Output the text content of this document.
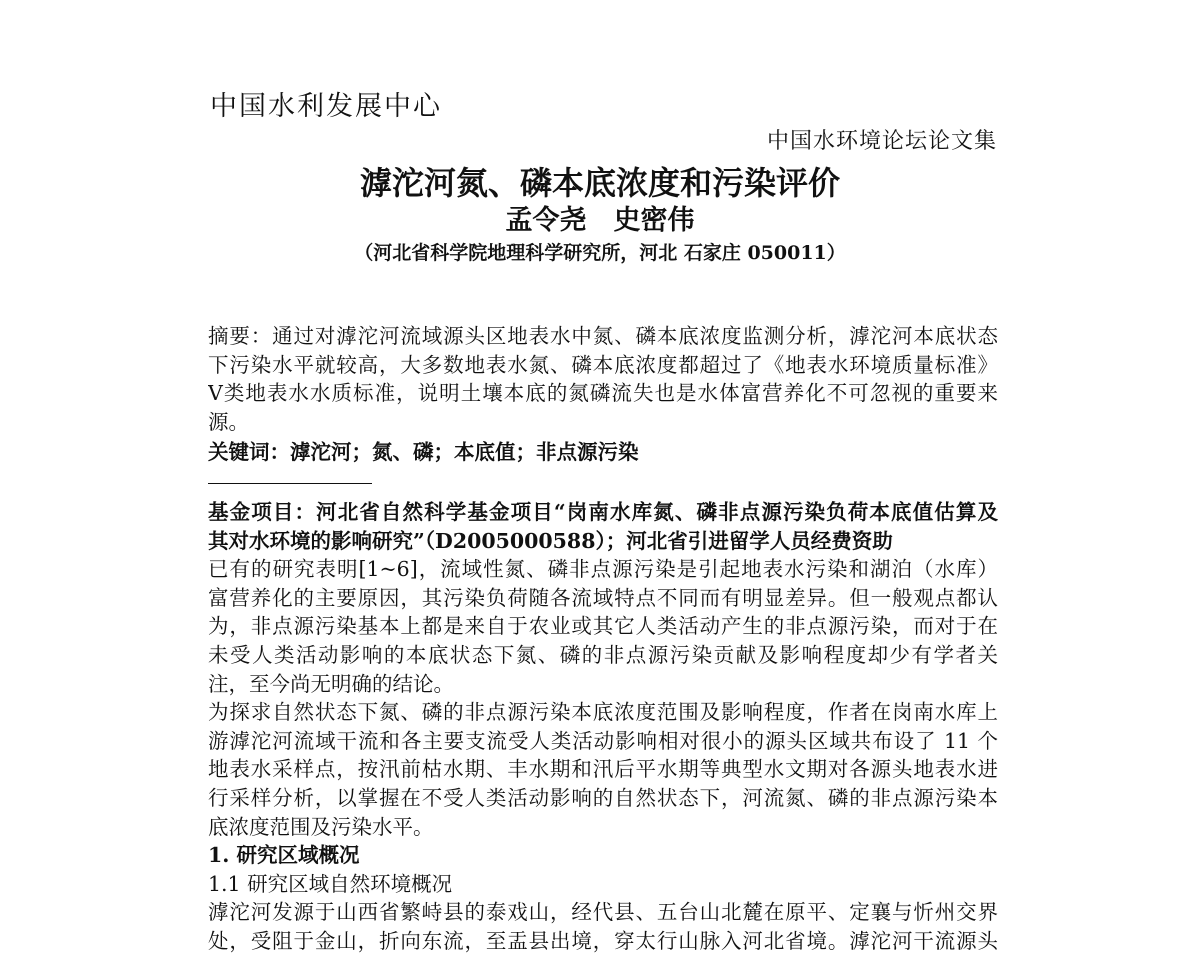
中国水利发展中心
中国水环境论坛论文集
滹沱河氮、磷本底浓度和污染评价
孟令尧　史密伟
（河北省科学院地理科学研究所，河北 石家庄 050011）
摘要：通过对滹沱河流域源头区地表水中氮、磷本底浓度监测分析，滹沱河本底状态
下污染水平就较高，大多数地表水氮、磷本底浓度都超过了《地表水环境质量标准》
Ⅴ类地表水水质标准，说明土壤本底的氮磷流失也是水体富营养化不可忽视的重要来
源。
关键词：滹沱河；氮、磷；本底值；非点源污染
基金项目：河北省自然科学基金项目“岗南水库氮、磷非点源污染负荷本底值估算及
其对水环境的影响研究”（D2005000588）；河北省引进留学人员经费资助
已有的研究表明[1~6]，流域性氮、磷非点源污染是引起地表水污染和湖泊（水库）
富营养化的主要原因，其污染负荷随各流域特点不同而有明显差异。但一般观点都认
为，非点源污染基本上都是来自于农业或其它人类活动产生的非点源污染，而对于在
未受人类活动影响的本底状态下氮、磷的非点源污染贡献及影响程度却少有学者关
注，至今尚无明确的结论。
为探求自然状态下氮、磷的非点源污染本底浓度范围及影响程度，作者在岗南水库上
游滹沱河流域干流和各主要支流受人类活动影响相对很小的源头区域共布设了 11 个
地表水采样点，按汛前枯水期、丰水期和汛后平水期等典型水文期对各源头地表水进
行采样分析，以掌握在不受人类活动影响的自然状态下，河流氮、磷的非点源污染本
底浓度范围及污染水平。
1. 研究区域概况
1.1 研究区域自然环境概况
滹沱河发源于山西省繁峙县的泰戏山，经代县、五台山北麓在原平、定襄与忻州交界
处，受阻于金山，折向东流，至盂县出境，穿太行山脉入河北省境。滹沱河干流源头
